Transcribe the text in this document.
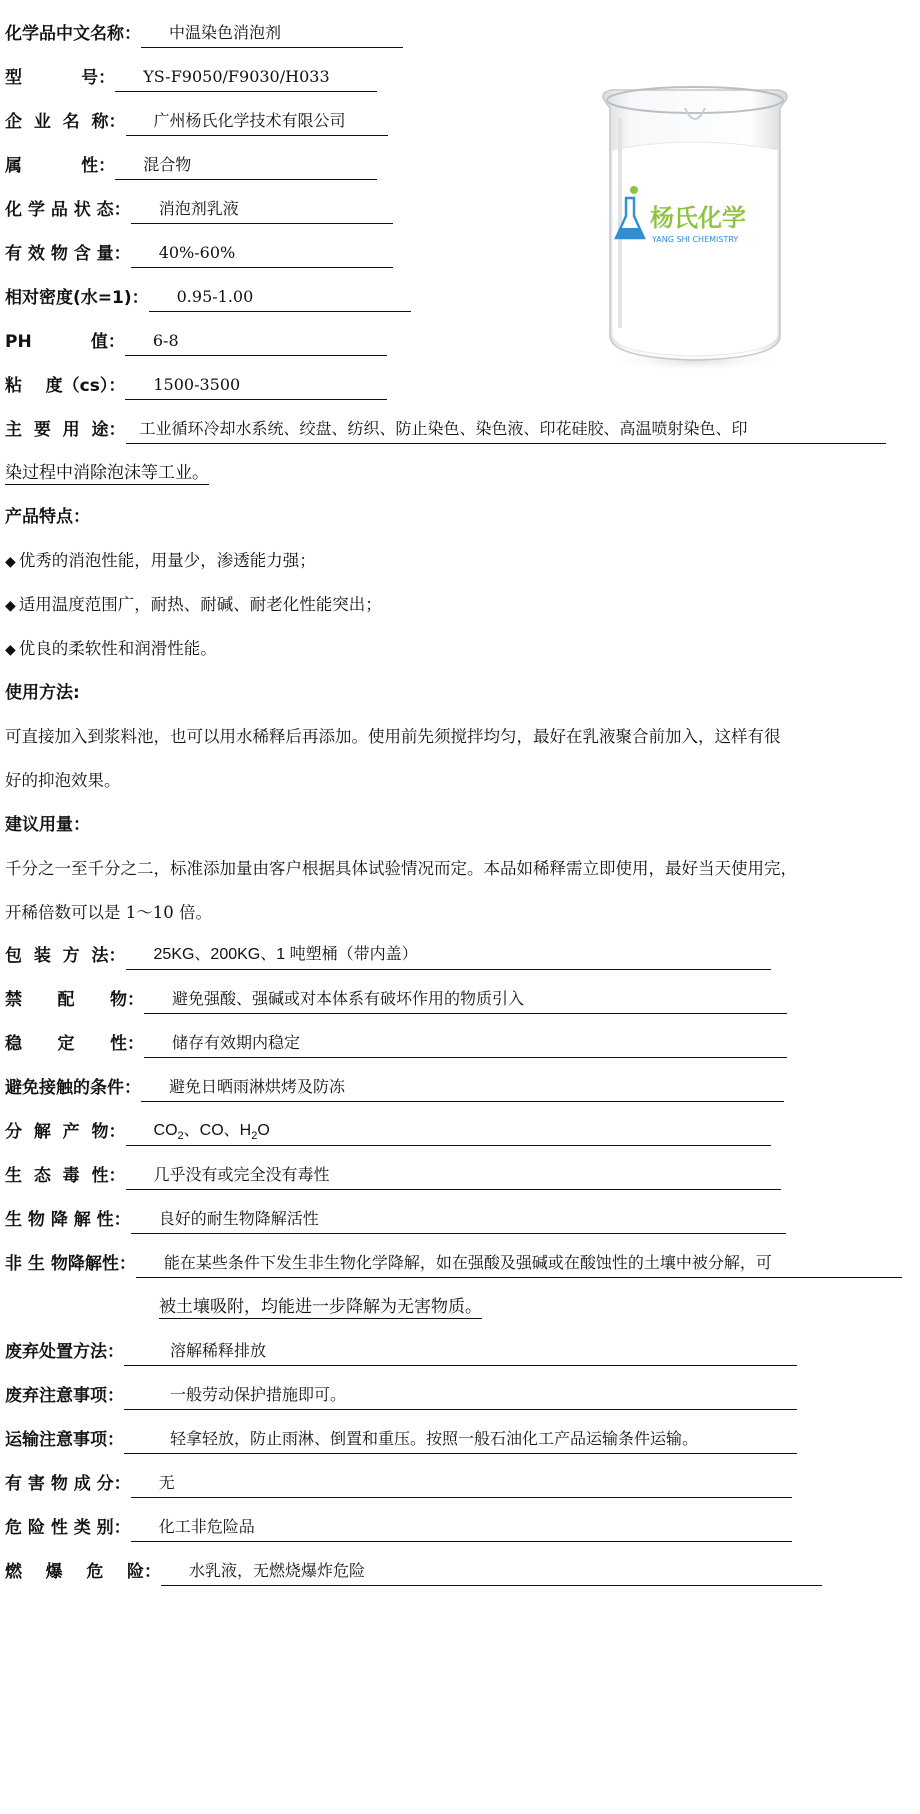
化学品中文名称：	中温染色消泡剂
型          号：	YS-F9050/F9030/H033
企  业  名  称：	广州杨氏化学技术有限公司
属          性：	混合物
化 学 品 状 态：	消泡剂乳液
有 效 物 含 量：	40%-60%
相对密度(水=1)：	0.95-1.00
PH          值：	6-8
粘    度（cs）：	1500-3500
杨氏化学
YANG SHI CHEMISTRY
主  要  用  途： 工业循环冷却水系统、绞盘、纺织、防止染色、染色液、印花硅胶、高温喷射染色、印
染过程中消除泡沫等工业。
产品特点：
◆ 优秀的消泡性能，用量少，渗透能力强；
◆ 适用温度范围广，耐热、耐碱、耐老化性能突出；
◆ 优良的柔软性和润滑性能。
使用方法:
可直接加入到浆料池，也可以用水稀释后再添加。使用前先须搅拌均匀，最好在乳液聚合前加入，这样有很
好的抑泡效果。
建议用量：
千分之一至千分之二，标准添加量由客户根据具体试验情况而定。本品如稀释需立即使用，最好当天使用完，
开稀倍数可以是 1～10 倍。
包  装  方  法：	25KG、200KG、1 吨塑桶（带内盖）
禁      配      物：	避免强酸、强碱或对本体系有破坏作用的物质引入
稳      定      性：	储存有效期内稳定
避免接触的条件：	避免日晒雨淋烘烤及防冻
分  解  产  物：	$CO_2$、CO、$H_2O$
生  态  毒  性：	几乎没有或完全没有毒性
生 物 降 解 性：	良好的耐生物降解活性
非 生 物降解性：	能在某些条件下发生非生物化学降解，如在强酸及强碱或在酸蚀性的土壤中被分解，可
被土壤吸附，均能进一步降解为无害物质。
废弃处置方法：	溶解稀释排放
废弃注意事项：	一般劳动保护措施即可。
运输注意事项：	轻拿轻放，防止雨淋、倒置和重压。按照一般石油化工产品运输条件运输。
有 害 物 成 分：	无
危 险 性 类 别：	化工非危险品
燃    爆    危    险：	水乳液，无燃烧爆炸危险
